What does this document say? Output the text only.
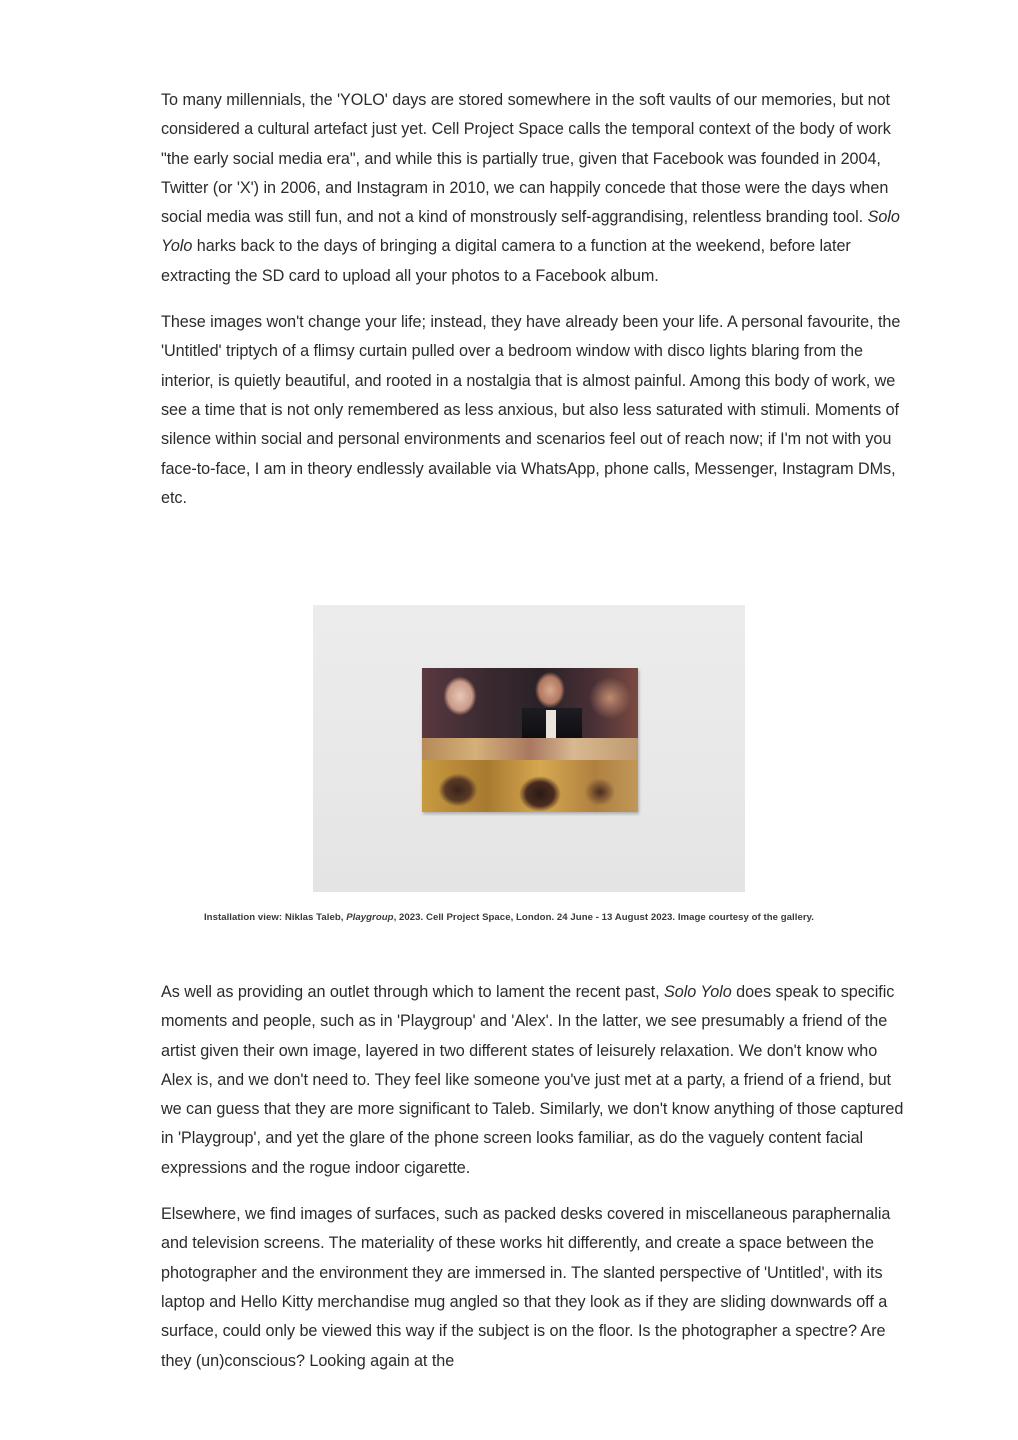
To many millennials, the 'YOLO' days are stored somewhere in the soft vaults of our memories, but not considered a cultural artefact just yet. Cell Project Space calls the temporal context of the body of work "the early social media era", and while this is partially true, given that Facebook was founded in 2004, Twitter (or 'X') in 2006, and Instagram in 2010, we can happily concede that those were the days when social media was still fun, and not a kind of monstrously self-aggrandising, relentless branding tool. Solo Yolo harks back to the days of bringing a digital camera to a function at the weekend, before later extracting the SD card to upload all your photos to a Facebook album.

These images won't change your life; instead, they have already been your life. A personal favourite, the 'Untitled' triptych of a flimsy curtain pulled over a bedroom window with disco lights blaring from the interior, is quietly beautiful, and rooted in a nostalgia that is almost painful. Among this body of work, we see a time that is not only remembered as less anxious, but also less saturated with stimuli. Moments of silence within social and personal environments and scenarios feel out of reach now; if I'm not with you face-to-face, I am in theory endlessly available via WhatsApp, phone calls, Messenger, Instagram DMs, etc.

Installation view: Niklas Taleb, Playgroup, 2023. Cell Project Space, London. 24 June - 13 August 2023. Image courtesy of the gallery.

As well as providing an outlet through which to lament the recent past, Solo Yolo does speak to specific moments and people, such as in 'Playgroup' and 'Alex'. In the latter, we see presumably a friend of the artist given their own image, layered in two different states of leisurely relaxation. We don't know who Alex is, and we don't need to. They feel like someone you've just met at a party, a friend of a friend, but we can guess that they are more significant to Taleb. Similarly, we don't know anything of those captured in 'Playgroup', and yet the glare of the phone screen looks familiar, as do the vaguely content facial expressions and the rogue indoor cigarette.

Elsewhere, we find images of surfaces, such as packed desks covered in miscellaneous paraphernalia and television screens. The materiality of these works hit differently, and create a space between the photographer and the environment they are immersed in. The slanted perspective of 'Untitled', with its laptop and Hello Kitty merchandise mug angled so that they look as if they are sliding downwards off a surface, could only be viewed this way if the subject is on the floor. Is the photographer a spectre? Are they (un)conscious? Looking again at the
